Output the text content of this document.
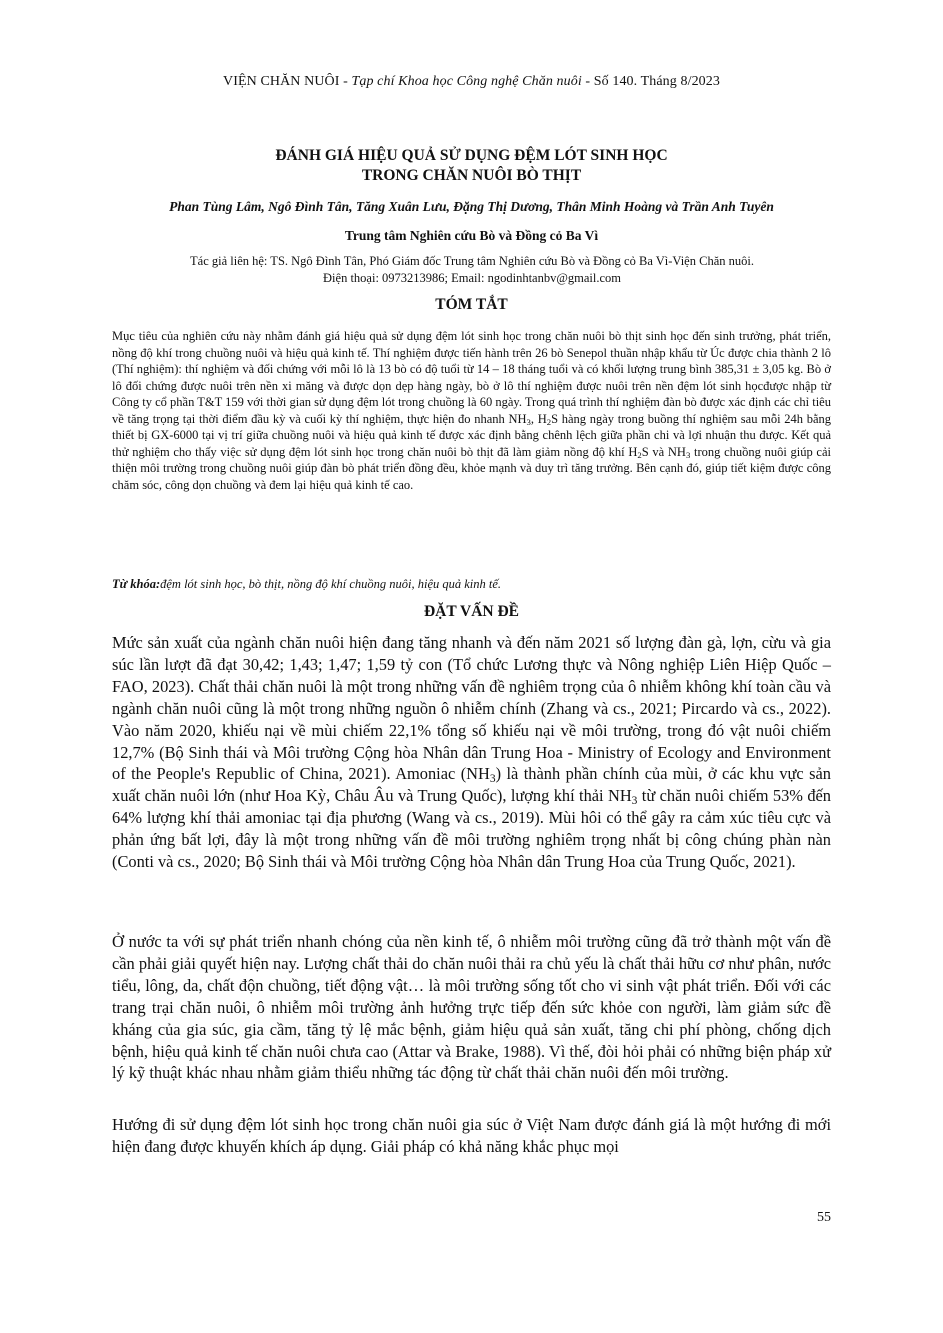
VIỆN CHĂN NUÔI - Tạp chí Khoa học Công nghệ Chăn nuôi - Số 140. Tháng 8/2023
ĐÁNH GIÁ HIỆU QUẢ SỬ DỤNG ĐỆM LÓT SINH HỌC
TRONG CHĂN NUÔI BÒ THỊT
Phan Tùng Lâm, Ngô Đình Tân, Tăng Xuân Lưu, Đặng Thị Dương, Thân Minh Hoàng và Trần Anh Tuyên
Trung tâm Nghiên cứu Bò và Đồng cỏ Ba Vì
Tác giả liên hệ: TS. Ngô Đình Tân, Phó Giám đốc Trung tâm Nghiên cứu Bò và Đồng cỏ Ba Vì-Viện Chăn nuôi.
Điện thoại: 0973213986; Email: ngodinhtanbv@gmail.com
TÓM TẮT
Mục tiêu của nghiên cứu này nhằm đánh giá hiệu quả sử dụng đệm lót sinh học trong chăn nuôi bò thịt sinh học đến sinh trưởng, phát triển, nồng độ khí trong chuồng nuôi và hiệu quả kinh tế. Thí nghiệm được tiến hành trên 26 bò Senepol thuần nhập khẩu từ Úc được chia thành 2 lô (Thí nghiệm): thí nghiệm và đối chứng với mỗi lô là 13 bò có độ tuổi từ 14 – 18 tháng tuổi và có khối lượng trung bình 385,31 ± 3,05 kg. Bò ở lô đối chứng được nuôi trên nền xi măng và được dọn dẹp hàng ngày, bò ở lô thí nghiệm được nuôi trên nền đệm lót sinh họcđược nhập từ Công ty cổ phần T&T 159 với thời gian sử dụng đệm lót trong chuồng là 60 ngày. Trong quá trình thí nghiệm đàn bò được xác định các chỉ tiêu về tăng trọng tại thời điểm đầu kỳ và cuối kỳ thí nghiệm, thực hiện đo nhanh $NH_3$, $H_2S$ hàng ngày trong buồng thí nghiệm sau mỗi 24h bằng thiết bị GX-6000 tại vị trí giữa chuồng nuôi và hiệu quả kinh tế được xác định bằng chênh lệch giữa phần chi và lợi nhuận thu được. Kết quả thử nghiệm cho thấy việc sử dụng đệm lót sinh học trong chăn nuôi bò thịt đã làm giảm nồng độ khí $H_2S$ và $NH_3$ trong chuồng nuôi giúp cải thiện môi trường trong chuồng nuôi giúp đàn bò phát triển đồng đều, khỏe mạnh và duy trì tăng trưởng. Bên cạnh đó, giúp tiết kiệm được công chăm sóc, công dọn chuồng và đem lại hiệu quả kinh tế cao.
Từ khóa:đệm lót sinh học, bò thịt, nồng độ khí chuồng nuôi, hiệu quả kinh tế.
ĐẶT VẤN ĐỀ
Mức sản xuất của ngành chăn nuôi hiện đang tăng nhanh và đến năm 2021 số lượng đàn gà, lợn, cừu và gia súc lần lượt đã đạt 30,42; 1,43; 1,47; 1,59 tỷ con (Tổ chức Lương thực và Nông nghiệp Liên Hiệp Quốc – FAO, 2023). Chất thải chăn nuôi là một trong những vấn đề nghiêm trọng của ô nhiễm không khí toàn cầu và ngành chăn nuôi cũng là một trong những nguồn ô nhiễm chính (Zhang và cs., 2021; Pircardo và cs., 2022). Vào năm 2020, khiếu nại về mùi chiếm 22,1% tổng số khiếu nại về môi trường, trong đó vật nuôi chiếm 12,7% (Bộ Sinh thái và Môi trường Cộng hòa Nhân dân Trung Hoa - Ministry of Ecology and Environment of the People's Republic of China, 2021). Amoniac $(NH_3)$ là thành phần chính của mùi, ở các khu vực sản xuất chăn nuôi lớn (như Hoa Kỳ, Châu Âu và Trung Quốc), lượng khí thải $NH_3$ từ chăn nuôi chiếm 53% đến 64% lượng khí thải amoniac tại địa phương (Wang và cs., 2019). Mùi hôi có thể gây ra cảm xúc tiêu cực và phản ứng bất lợi, đây là một trong những vấn đề môi trường nghiêm trọng nhất bị công chúng phàn nàn (Conti và cs., 2020; Bộ Sinh thái và Môi trường Cộng hòa Nhân dân Trung Hoa của Trung Quốc, 2021).
Ở nước ta với sự phát triển nhanh chóng của nền kinh tế, ô nhiễm môi trường cũng đã trở thành một vấn đề cần phải giải quyết hiện nay. Lượng chất thải do chăn nuôi thải ra chủ yếu là chất thải hữu cơ như phân, nước tiểu, lông, da, chất độn chuồng, tiết động vật… là môi trường sống tốt cho vi sinh vật phát triển. Đối với các trang trại chăn nuôi, ô nhiễm môi trường ảnh hưởng trực tiếp đến sức khỏe con người, làm giảm sức đề kháng của gia súc, gia cầm, tăng tỷ lệ mắc bệnh, giảm hiệu quả sản xuất, tăng chi phí phòng, chống dịch bệnh, hiệu quả kinh tế chăn nuôi chưa cao (Attar và Brake, 1988). Vì thế, đòi hỏi phải có những biện pháp xử lý kỹ thuật khác nhau nhằm giảm thiểu những tác động từ chất thải chăn nuôi đến môi trường.
Hướng đi sử dụng đệm lót sinh học trong chăn nuôi gia súc ở Việt Nam được đánh giá là một hướng đi mới hiện đang được khuyến khích áp dụng. Giải pháp có khả năng khắc phục mọi
55
